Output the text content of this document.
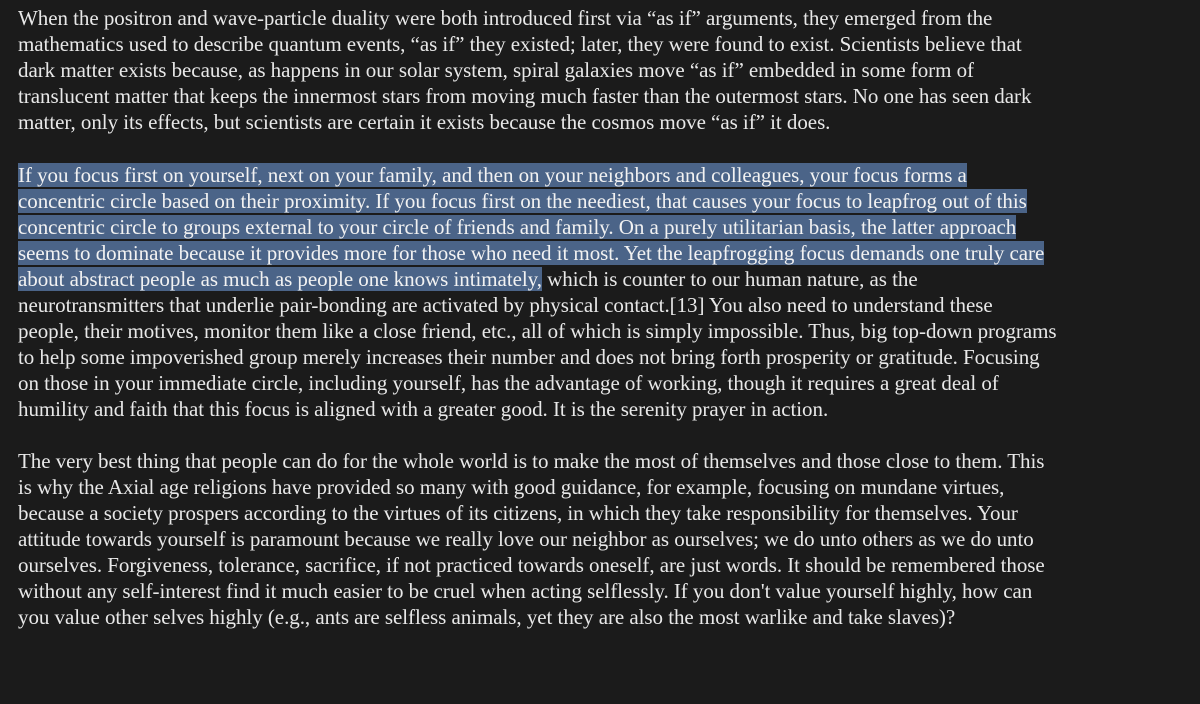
When the positron and wave-particle duality were both introduced first via “as if” arguments, they emerged from the
mathematics used to describe quantum events, “as if” they existed; later, they were found to exist. Scientists believe that
dark matter exists because, as happens in our solar system, spiral galaxies move “as if” embedded in some form of
translucent matter that keeps the innermost stars from moving much faster than the outermost stars. No one has seen dark
matter, only its effects, but scientists are certain it exists because the cosmos move “as if” it does.
If you focus first on yourself, next on your family, and then on your neighbors and colleagues, your focus forms a
concentric circle based on their proximity. If you focus first on the neediest, that causes your focus to leapfrog out of this
concentric circle to groups external to your circle of friends and family. On a purely utilitarian basis, the latter approach
seems to dominate because it provides more for those who need it most. Yet the leapfrogging focus demands one truly care
about abstract people as much as people one knows intimately, which is counter to our human nature, as the
neurotransmitters that underlie pair-bonding are activated by physical contact.[13] You also need to understand these
people, their motives, monitor them like a close friend, etc., all of which is simply impossible. Thus, big top-down programs
to help some impoverished group merely increases their number and does not bring forth prosperity or gratitude. Focusing
on those in your immediate circle, including yourself, has the advantage of working, though it requires a great deal of
humility and faith that this focus is aligned with a greater good. It is the serenity prayer in action.
The very best thing that people can do for the whole world is to make the most of themselves and those close to them. This
is why the Axial age religions have provided so many with good guidance, for example, focusing on mundane virtues,
because a society prospers according to the virtues of its citizens, in which they take responsibility for themselves. Your
attitude towards yourself is paramount because we really love our neighbor as ourselves; we do unto others as we do unto
ourselves. Forgiveness, tolerance, sacrifice, if not practiced towards oneself, are just words. It should be remembered those
without any self-interest find it much easier to be cruel when acting selflessly. If you don't value yourself highly, how can
you value other selves highly (e.g., ants are selfless animals, yet they are also the most warlike and take slaves)?
